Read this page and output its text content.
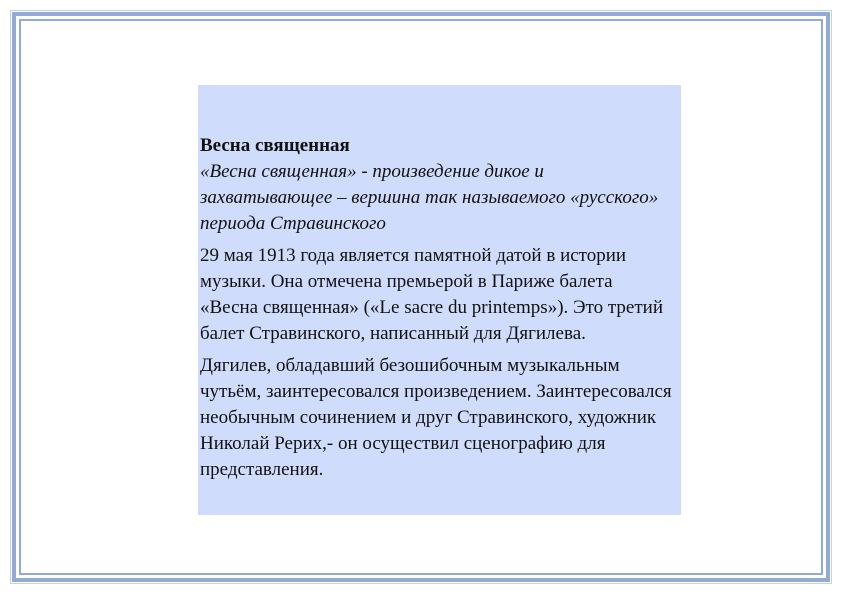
Весна священная

«Весна священная» - произведение дикое и захватывающее – вершина так называемого «русского» периода Стравинского

29 мая 1913 года является памятной датой в истории музыки. Она отмечена премьерой в Париже балета «Весна священная» («Le sacre du printemps»). Это третий балет Стравинского, написанный для Дягилева.

Дягилев, обладавший безошибочным музыкальным чутьём, заинтересовался произведением. Заинтересовался необычным сочинением и друг Стравинского, художник Николай Рерих,- он осуществил сценографию для представления.
